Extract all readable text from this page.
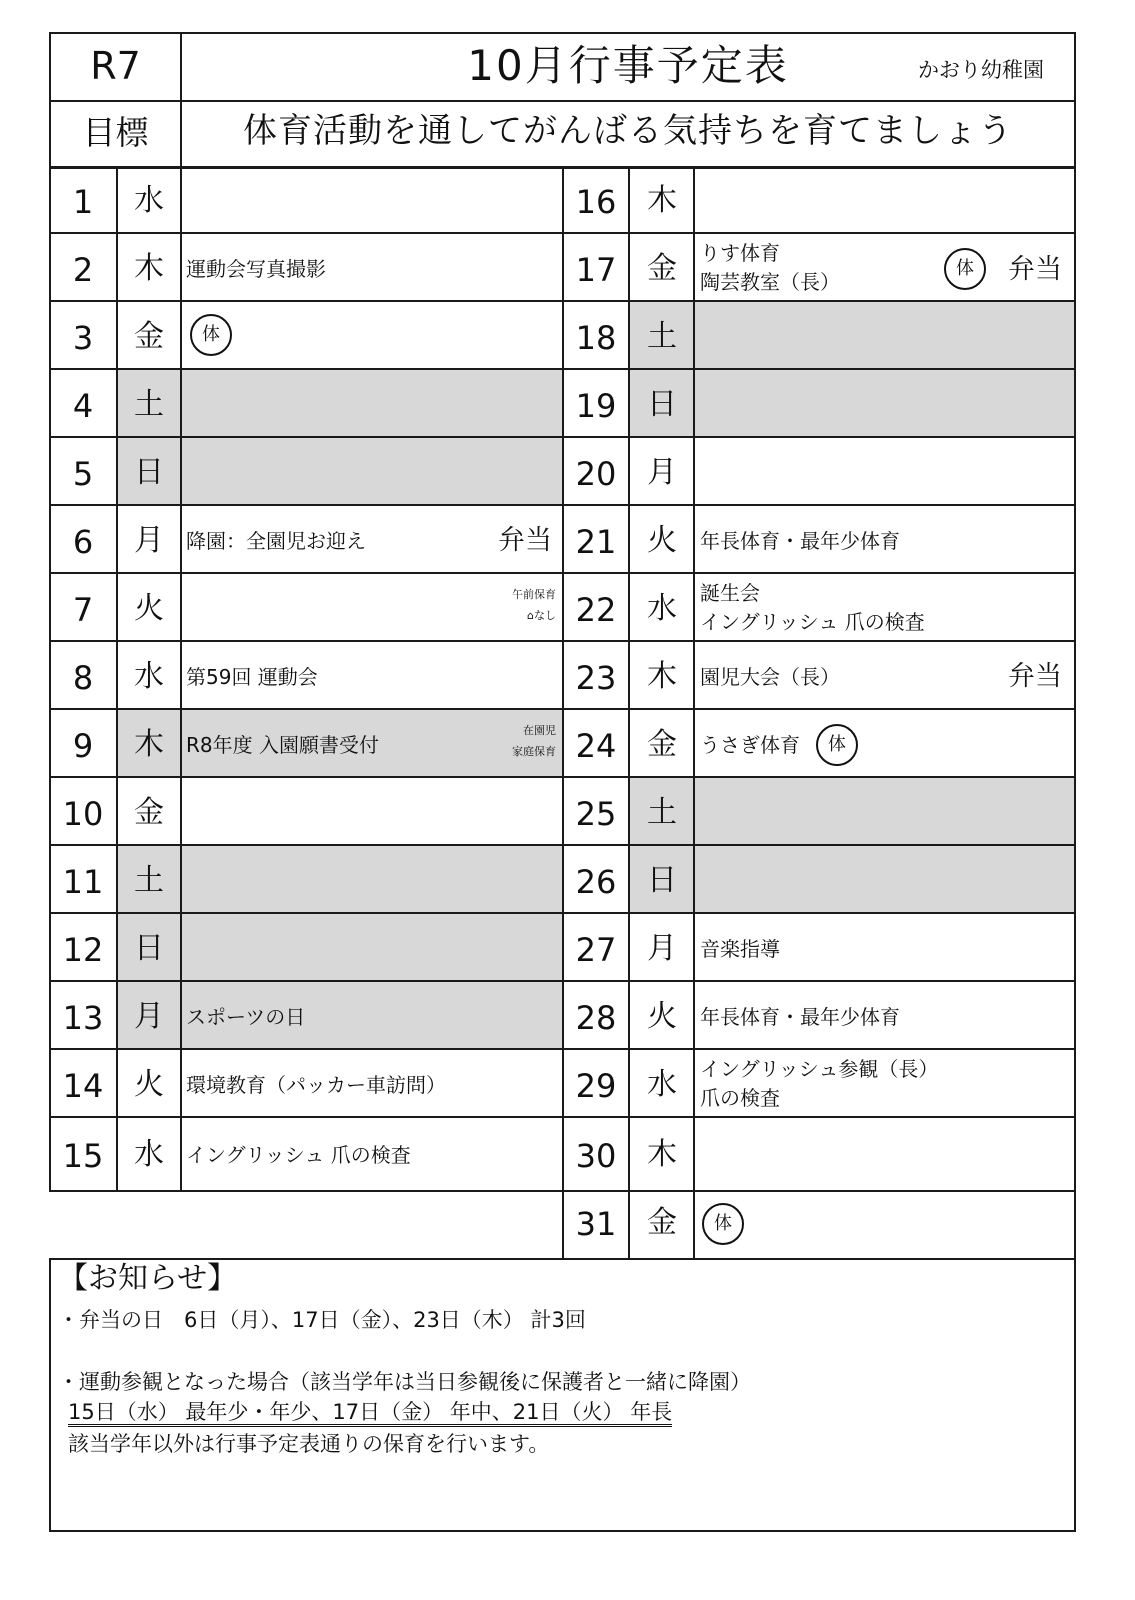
R7	10月行事予定表	かおり幼稚園
目標	体育活動を通してがんばる気持ちを育てましょう
1	水
2	木	運動会写真撮影
3	金	体
4	土
5	日
6	月	降園：全園児お迎え	弁当
7	火	午前保育
⌂なし
8	水	第59回 運動会
9	木	R8年度 入園願書受付
在園児
家庭保育
10	金
11	土
12	日
13	月	スポーツの日
14	火	環境教育（パッカー車訪問）
15	水	イングリッシュ 爪の検査
16	木
17	金	りす体育
陶芸教室（長）
体	弁当
18	土
19	日
20	月
21	火	年長体育・最年少体育
22	水	誕生会
イングリッシュ 爪の検査
23	木	園児大会（長）	弁当
24	金	うさぎ体育	体
25	土
26	日
27	月	音楽指導
28	火	年長体育・最年少体育
29	水	イングリッシュ参観（長）
爪の検査
30	木
31	金	体
【お知らせ】
・弁当の日　6日（月）、17日（金）、23日（木） 計3回
・運動参観となった場合（該当学年は当日参観後に保護者と一緒に降園）
15日（水） 最年少・年少、17日（金） 年中、21日（火） 年長
該当学年以外は行事予定表通りの保育を行います。
